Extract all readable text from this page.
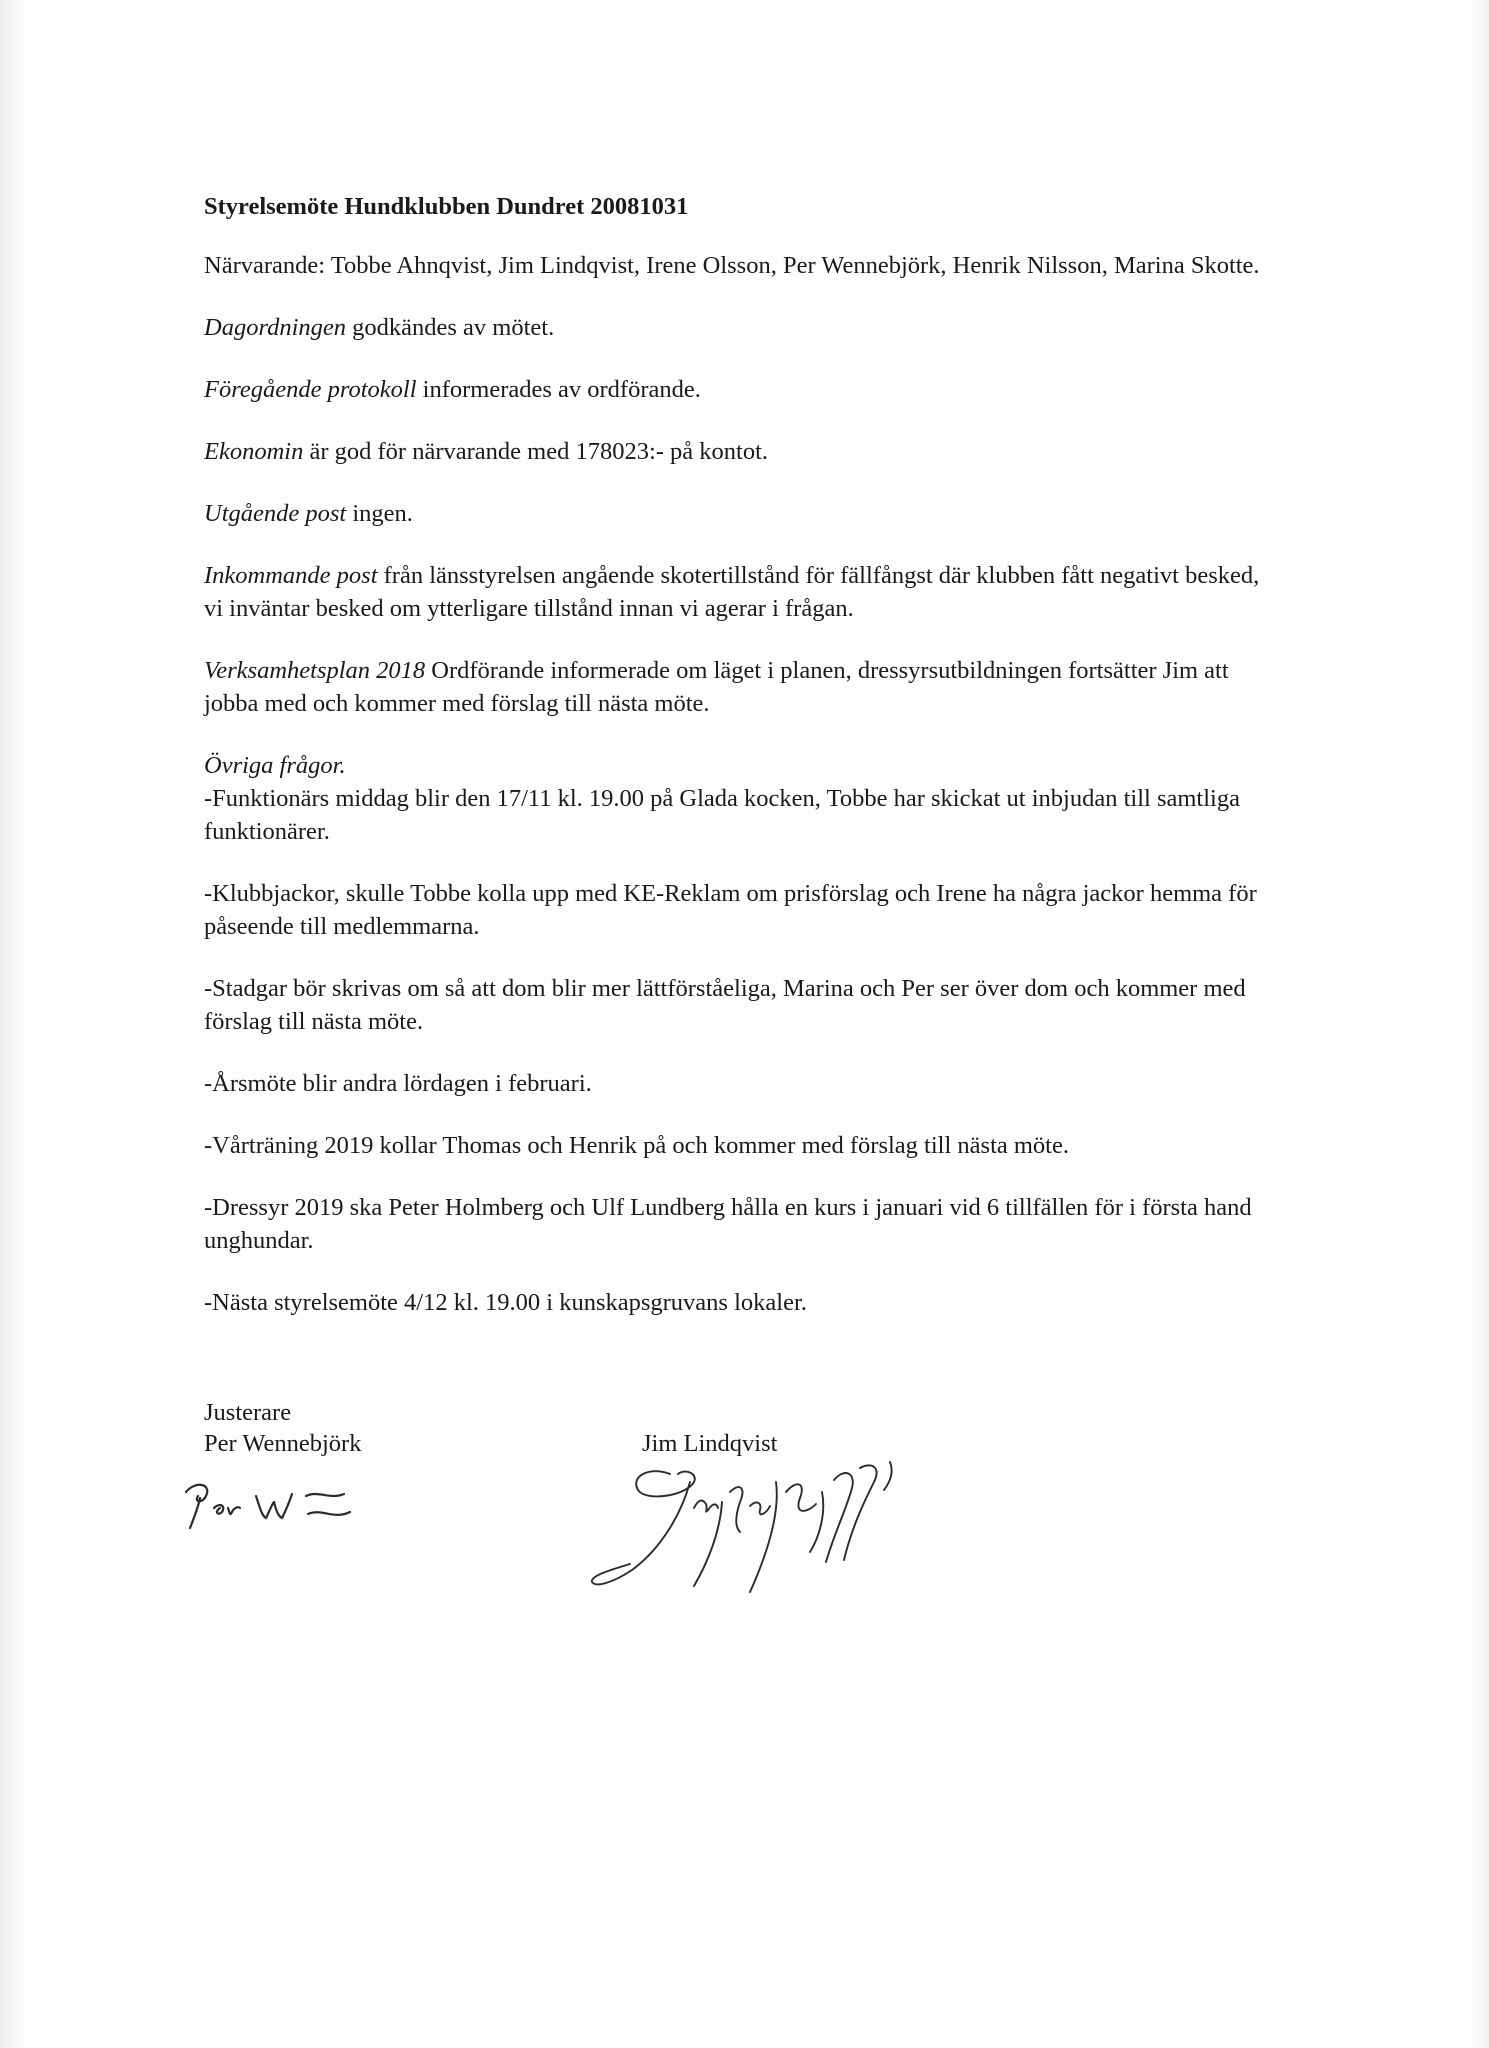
Styrelsemöte Hundklubben Dundret 20081031
Närvarande: Tobbe Ahnqvist, Jim Lindqvist, Irene Olsson, Per Wennebjörk, Henrik Nilsson, Marina Skotte.
Dagordningen godkändes av mötet.
Föregående protokoll informerades av ordförande.
Ekonomin är god för närvarande med 178023:- på kontot.
Utgående post ingen.
Inkommande post från länsstyrelsen angående skotertillstånd för fällfångst där klubben fått negativt besked, vi inväntar besked om ytterligare tillstånd innan vi agerar i frågan.
Verksamhetsplan 2018 Ordförande informerade om läget i planen, dressyrsutbildningen fortsätter Jim att jobba med och kommer med förslag till nästa möte.
Övriga frågor.
-Funktionärs middag blir den 17/11 kl. 19.00 på Glada kocken, Tobbe har skickat ut inbjudan till samtliga funktionärer.
-Klubbjackor, skulle Tobbe kolla upp med KE-Reklam om prisförslag och Irene ha några jackor hemma för påseende till medlemmarna.
-Stadgar bör skrivas om så att dom blir mer lättförståeliga, Marina och Per ser över dom och kommer med förslag till nästa möte.
-Årsmöte blir andra lördagen i februari.
-Vårträning 2019 kollar Thomas och Henrik på och kommer med förslag till nästa möte.
-Dressyr 2019 ska Peter Holmberg och Ulf Lundberg hålla en kurs i januari vid 6 tillfällen för i första hand unghundar.
-Nästa styrelsemöte 4/12 kl. 19.00 i kunskapsgruvans lokaler.
Justerare
Per Wennebjörk	Jim Lindqvist
